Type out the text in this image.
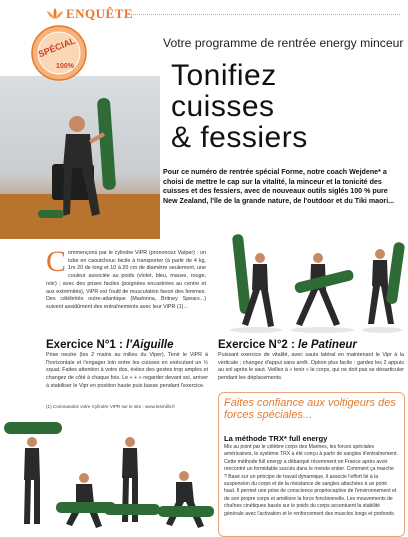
ENQUÊTE
SPÉCIAL
100%
Votre programme de rentrée energy minceur
Tonifiez
cuisses
& fessiers
Pour ce numéro de rentrée spécial Forme, notre coach Wejdene* a choisi de mettre le cap sur la vitalité, la minceur et la tonicité des cuisses et des fessiers, avec de nouveaux outils siglés 100 % pure New Zealand, l'île de la grande nature, de l'outdoor et du Tiki maori...
Commençons par le cylindre ViPR (prononcez Vaïper) : un tube en caoutchouc facile à transporter (à partir de 4 kg, 1m 20 de long et 10 à 20 cm de diamètre seulement, une couleur associée au poids (violet, bleu, mauve, rouge, noir) ; avec des prises faciles (poignées encastrées au centre et aux extrémités), ViPR est l'outil de musculation favori des femmes. Des célébrités outre-atlantique (Madonna, Britney Spears...) suivent assidûment des entraînements avec leur ViPR (1)...
Exercice N°1 : l'Aiguille
Prise neutre (les 2 mains au milieu du Viper). Tenir le ViPR à l'horizontale et l'engager loin entre les cuisses en exécutant un ½ squat. Faites attention à votre dos, évitez des gestes trop amples et changez de côté à chaque fois. Le « + » regarder devant soi, arriver à stabiliser le Vipr en position haute puis basse pendant l'exercice.
(1) Commandez votre Cylindre ViPR sur le site : www.lesmills.fr
Exercice N°2 : le Patineur
Puissant exercice de vitalité, avec sauts latéral en maintenant le Vipr à la verticale ; changez d'appui sans arrêt. Option plus facile : gardez les 2 appuis au sol après le saut. Veillez à « tenir » le corps, qui ne doit pas se désarticuler pendant les déplacements.
Faites confiance aux voltigeurs des forces spéciales...
La méthode TRX* full energy
Mis au point par le célèbre corps des Marines, les forces spéciales américaines, le système TRX a été conçu à partir de sangles d'entraînement. Cette méthode full energy a débarqué récemment en France après avoir rencontré un formidable succès dans le monde entier. Comment ça marche ? Basé sur un principe de travail dynamique, il associe l'effort lié à la suspension du corps et de la résistance de sangles attachées à un point haut. Il permet une prise de conscience proprioceptive de l'environnement et de son propre corps et améliore la force fonctionnelle. Les mouvements de chaînes cinétiques basés sur le poids du corps accentuent la stabilité générale avec l'activation et le renforcement des muscles longs et profonds.
